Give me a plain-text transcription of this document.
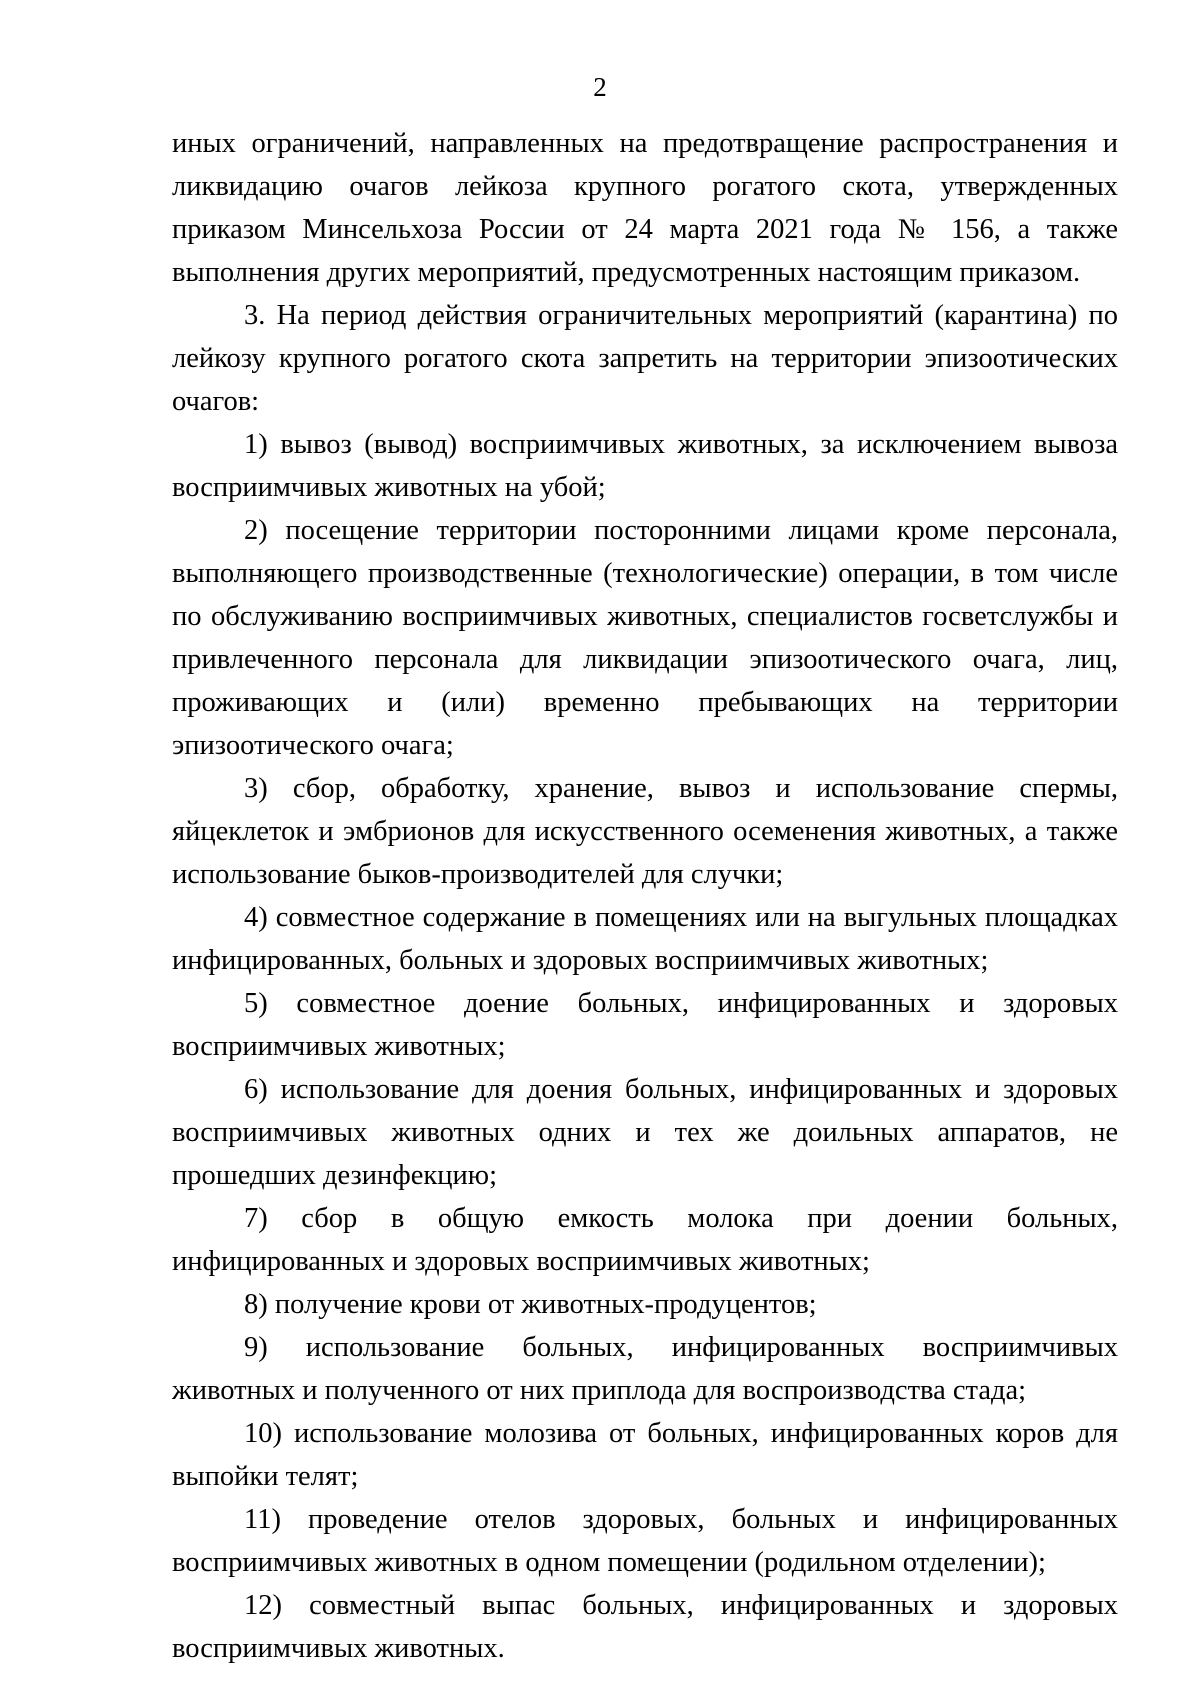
2

иных ограничений, направленных на предотвращение распространения и ликвидацию очагов лейкоза крупного рогатого скота, утвержденных приказом Минсельхоза России от 24 марта 2021 года № 156, а также выполнения других мероприятий, предусмотренных настоящим приказом.

3. На период действия ограничительных мероприятий (карантина) по лейкозу крупного рогатого скота запретить на территории эпизоотических очагов:

1) вывоз (вывод) восприимчивых животных, за исключением вывоза восприимчивых животных на убой;

2) посещение территории посторонними лицами кроме персонала, выполняющего производственные (технологические) операции, в том числе по обслуживанию восприимчивых животных, специалистов госветслужбы и привлеченного персонала для ликвидации эпизоотического очага, лиц, проживающих и (или) временно пребывающих на территории эпизоотического очага;

3) сбор, обработку, хранение, вывоз и использование спермы, яйцеклеток и эмбрионов для искусственного осеменения животных, а также использование быков-производителей для случки;

4) совместное содержание в помещениях или на выгульных площадках инфицированных, больных и здоровых восприимчивых животных;

5) совместное доение больных, инфицированных и здоровых восприимчивых животных;

6) использование для доения больных, инфицированных и здоровых восприимчивых животных одних и тех же доильных аппаратов, не прошедших дезинфекцию;

7) сбор в общую емкость молока при доении больных, инфицированных и здоровых восприимчивых животных;

8) получение крови от животных-продуцентов;

9) использование больных, инфицированных восприимчивых животных и полученного от них приплода для воспроизводства стада;

10) использование молозива от больных, инфицированных коров для выпойки телят;

11) проведение отелов здоровых, больных и инфицированных восприимчивых животных в одном помещении (родильном отделении);

12) совместный выпас больных, инфицированных и здоровых восприимчивых животных.
